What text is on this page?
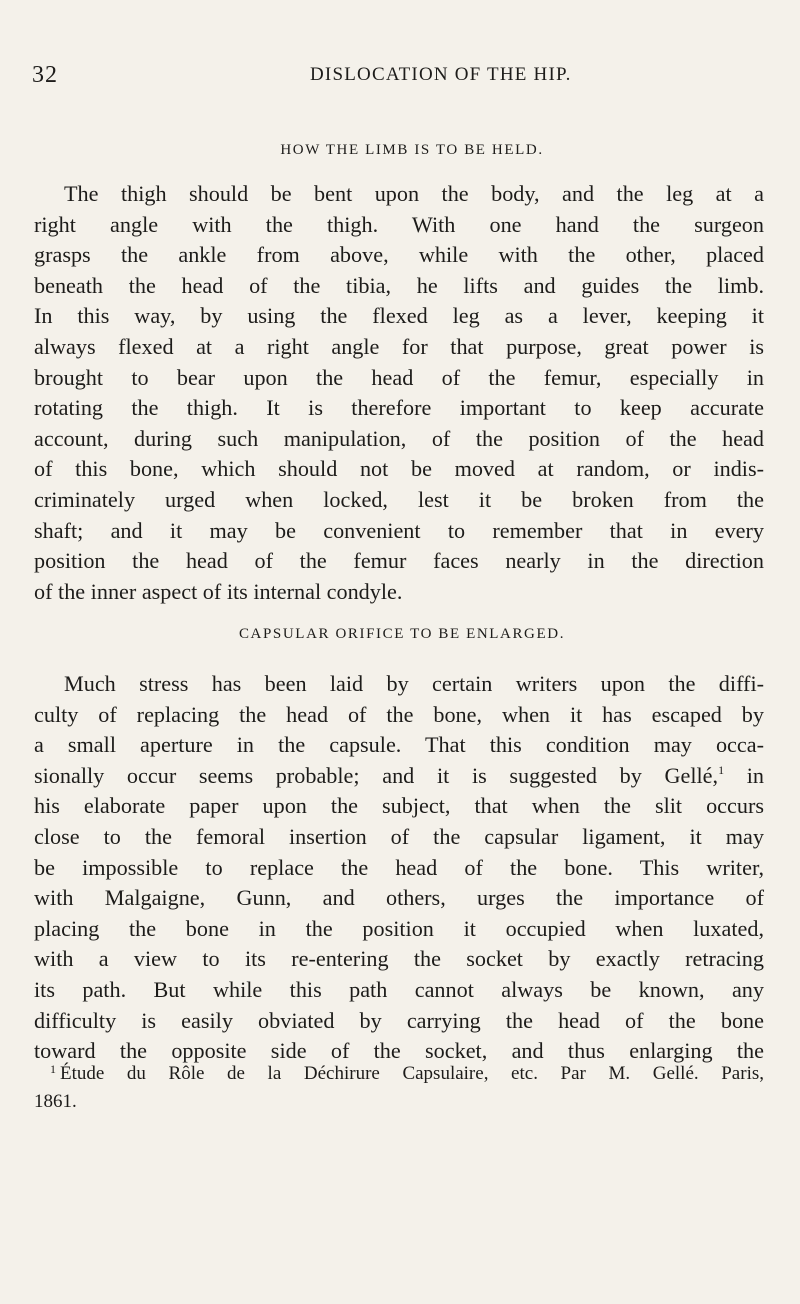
32	DISLOCATION OF THE HIP.
HOW THE LIMB IS TO BE HELD.

The thigh should be bent upon the body, and the leg at a
right angle with the thigh. With one hand the surgeon
grasps the ankle from above, while with the other, placed
beneath the head of the tibia, he lifts and guides the limb.
In this way, by using the flexed leg as a lever, keeping it
always flexed at a right angle for that purpose, great power is
brought to bear upon the head of the femur, especially in
rotating the thigh. It is therefore important to keep accurate
account, during such manipulation, of the position of the head
of this bone, which should not be moved at random, or indis-
criminately urged when locked, lest it be broken from the
shaft; and it may be convenient to remember that in every
position the head of the femur faces nearly in the direction
of the inner aspect of its internal condyle.

CAPSULAR ORIFICE TO BE ENLARGED.

Much stress has been laid by certain writers upon the diffi-
culty of replacing the head of the bone, when it has escaped by
a small aperture in the capsule. That this condition may occa-
sionally occur seems probable; and it is suggested by Gellé,$^1$ in
his elaborate paper upon the subject, that when the slit occurs
close to the femoral insertion of the capsular ligament, it may
be impossible to replace the head of the bone. This writer,
with Malgaigne, Gunn, and others, urges the importance of
placing the bone in the position it occupied when luxated,
with a view to its re-entering the socket by exactly retracing
its path. But while this path cannot always be known, any
difficulty is easily obviated by carrying the head of the bone
toward the opposite side of the socket, and thus enlarging the

$^1$ Étude du Rôle de la Déchirure Capsulaire, etc. Par M. Gellé. Paris,
1861.
